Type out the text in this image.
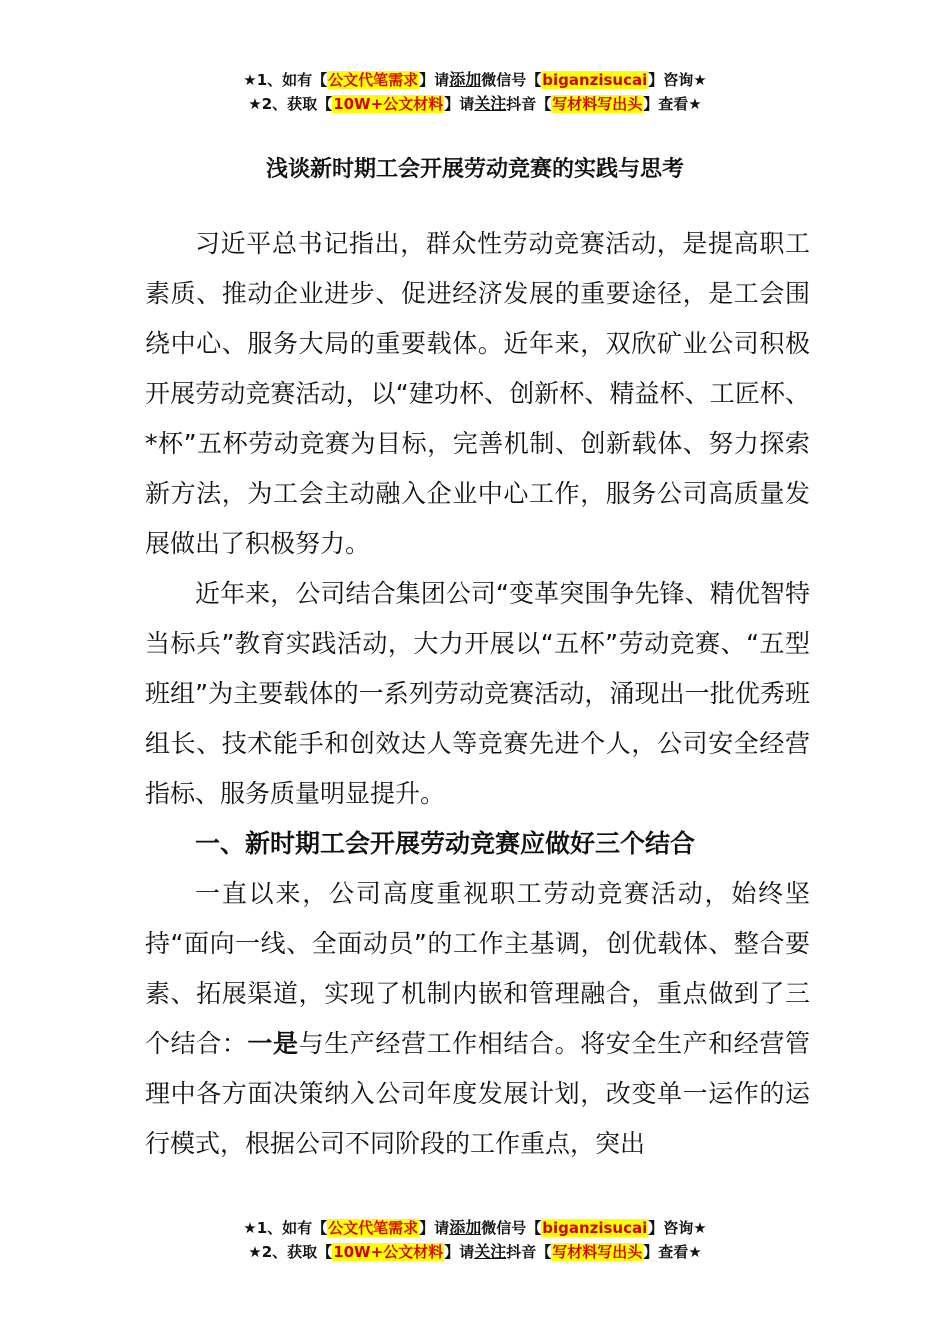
★1、如有【公文代笔需求】请添加微信号【biganzisucai】咨询★
★2、获取【10W+公文材料】请关注抖音【写材料写出头】查看★
浅谈新时期工会开展劳动竞赛的实践与思考

习近平总书记指出，群众性劳动竞赛活动，是提高职工素质、推动企业进步、促进经济发展的重要途径，是工会围绕中心、服务大局的重要载体。近年来，双欣矿业公司积极开展劳动竞赛活动，以“建功杯、创新杯、精益杯、工匠杯、*杯”五杯劳动竞赛为目标，完善机制、创新载体、努力探索新方法，为工会主动融入企业中心工作，服务公司高质量发展做出了积极努力。

近年来，公司结合集团公司“变革突围争先锋、精优智特当标兵”教育实践活动，大力开展以“五杯”劳动竞赛、“五型班组”为主要载体的一系列劳动竞赛活动，涌现出一批优秀班组长、技术能手和创效达人等竞赛先进个人，公司安全经营指标、服务质量明显提升。

一、新时期工会开展劳动竞赛应做好三个结合

一直以来，公司高度重视职工劳动竞赛活动，始终坚持“面向一线、全面动员”的工作主基调，创优载体、整合要素、拓展渠道，实现了机制内嵌和管理融合，重点做到了三个结合：一是与生产经营工作相结合。将安全生产和经营管理中各方面决策纳入公司年度发展计划，改变单一运作的运行模式，根据公司不同阶段的工作重点，突出

★1、如有【公文代笔需求】请添加微信号【biganzisucai】咨询★
★2、获取【10W+公文材料】请关注抖音【写材料写出头】查看★
